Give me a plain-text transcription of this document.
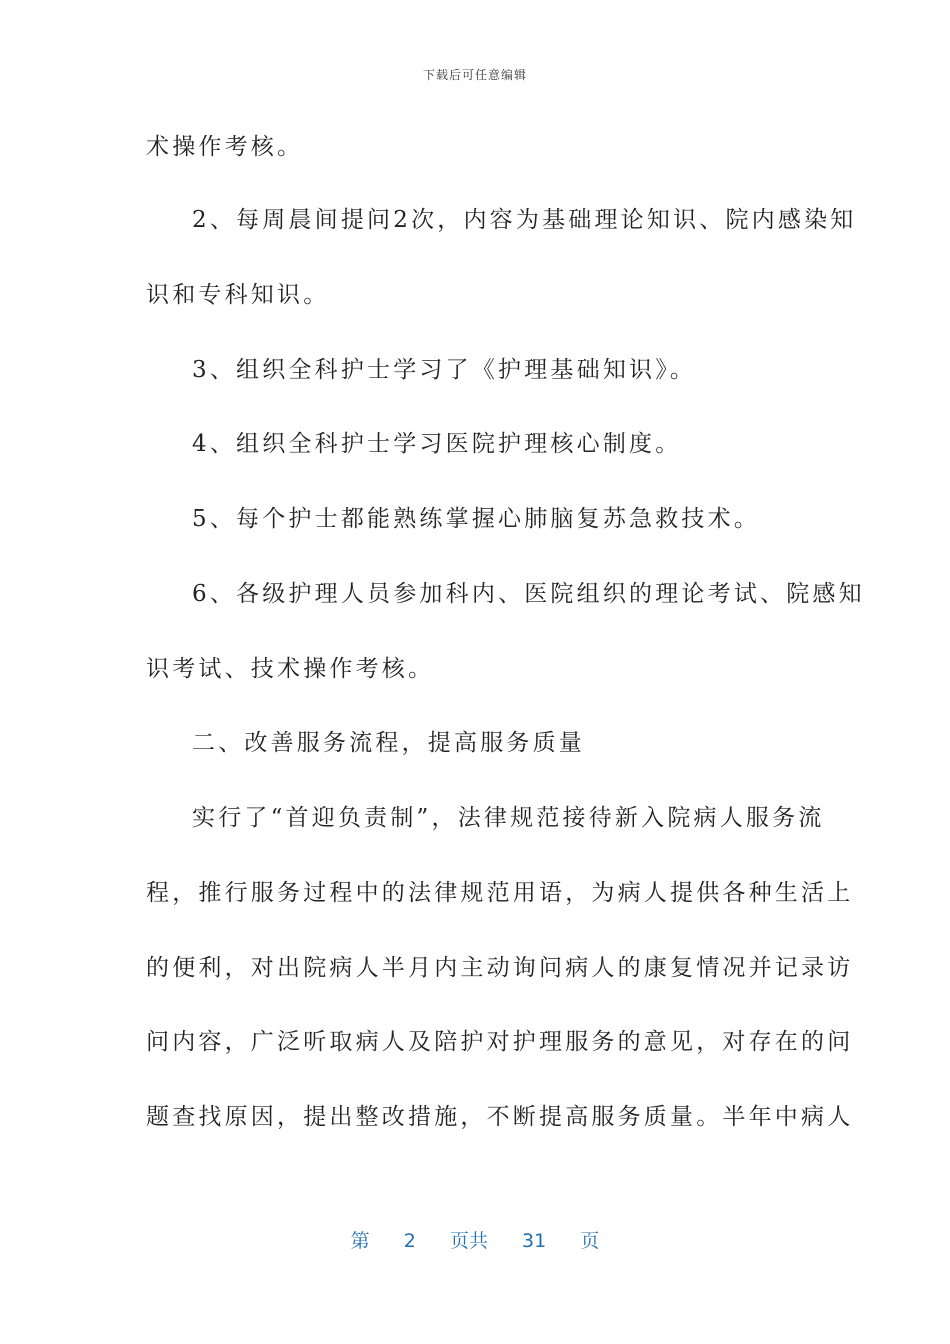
下载后可任意编辑
术操作考核。
2、每周晨间提问2次，内容为基础理论知识、院内感染知
识和专科知识。
3、组织全科护士学习了《护理基础知识》。
4、组织全科护士学习医院护理核心制度。
5、每个护士都能熟练掌握心肺脑复苏急救技术。
6、各级护理人员参加科内、医院组织的理论考试、院感知
识考试、技术操作考核。
二、改善服务流程，提高服务质量
实行了“首迎负责制”，法律规范接待新入院病人服务流
程，推行服务过程中的法律规范用语，为病人提供各种生活上
的便利，对出院病人半月内主动询问病人的康复情况并记录访
问内容，广泛听取病人及陪护对护理服务的意见，对存在的问
题查找原因，提出整改措施，不断提高服务质量。半年中病人
第 2 页共 31 页
